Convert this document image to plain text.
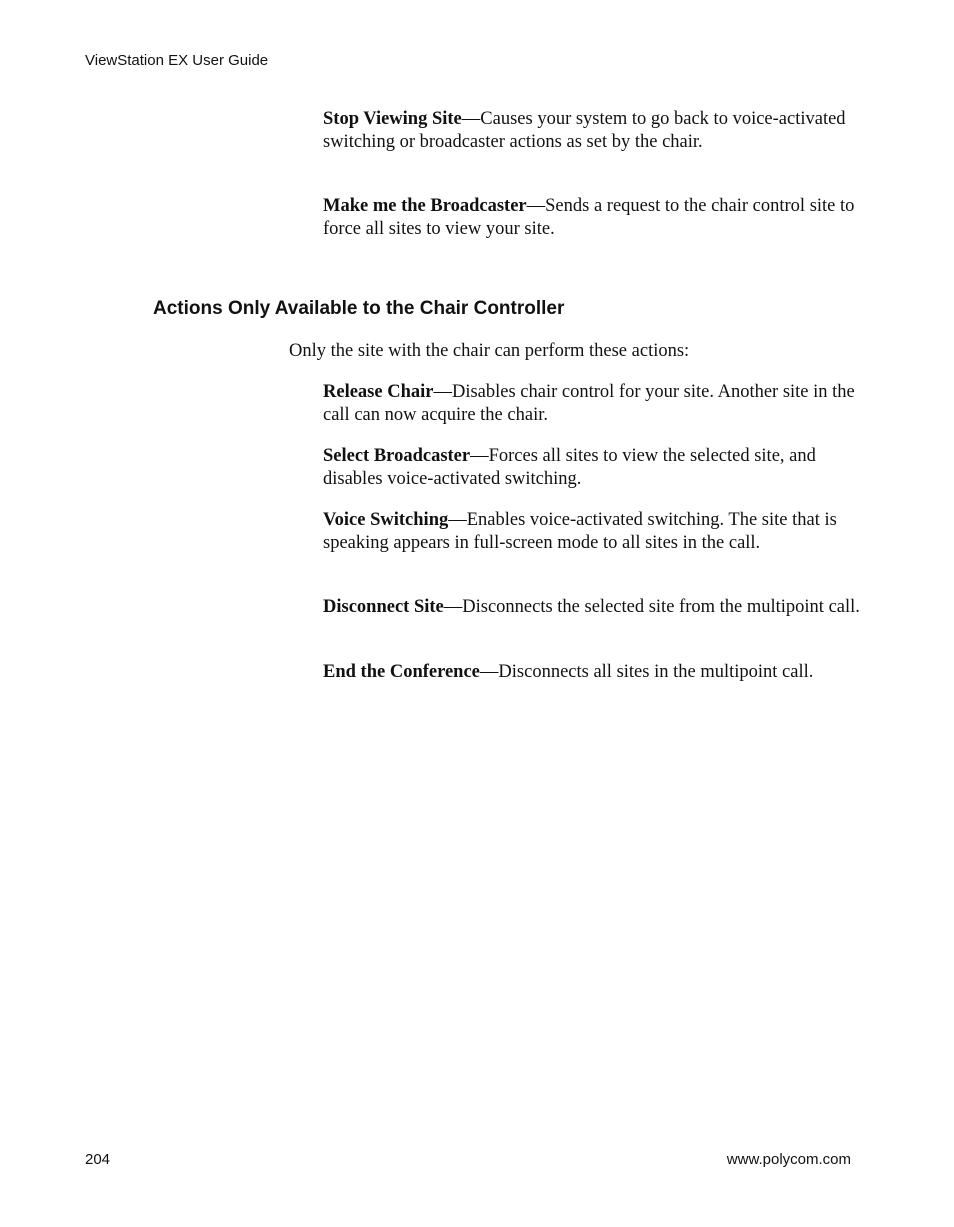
ViewStation EX User Guide

Stop Viewing Site—Causes your system to go back to voice-activated switching or broadcaster actions as set by the chair.

Make me the Broadcaster—Sends a request to the chair control site to force all sites to view your site.

Actions Only Available to the Chair Controller

Only the site with the chair can perform these actions:

Release Chair—Disables chair control for your site. Another site in the call can now acquire the chair.

Select Broadcaster—Forces all sites to view the selected site, and disables voice-activated switching.

Voice Switching—Enables voice-activated switching. The site that is speaking appears in full-screen mode to all sites in the call.

Disconnect Site—Disconnects the selected site from the multipoint call.

End the Conference—Disconnects all sites in the multipoint call.

204	www.polycom.com
